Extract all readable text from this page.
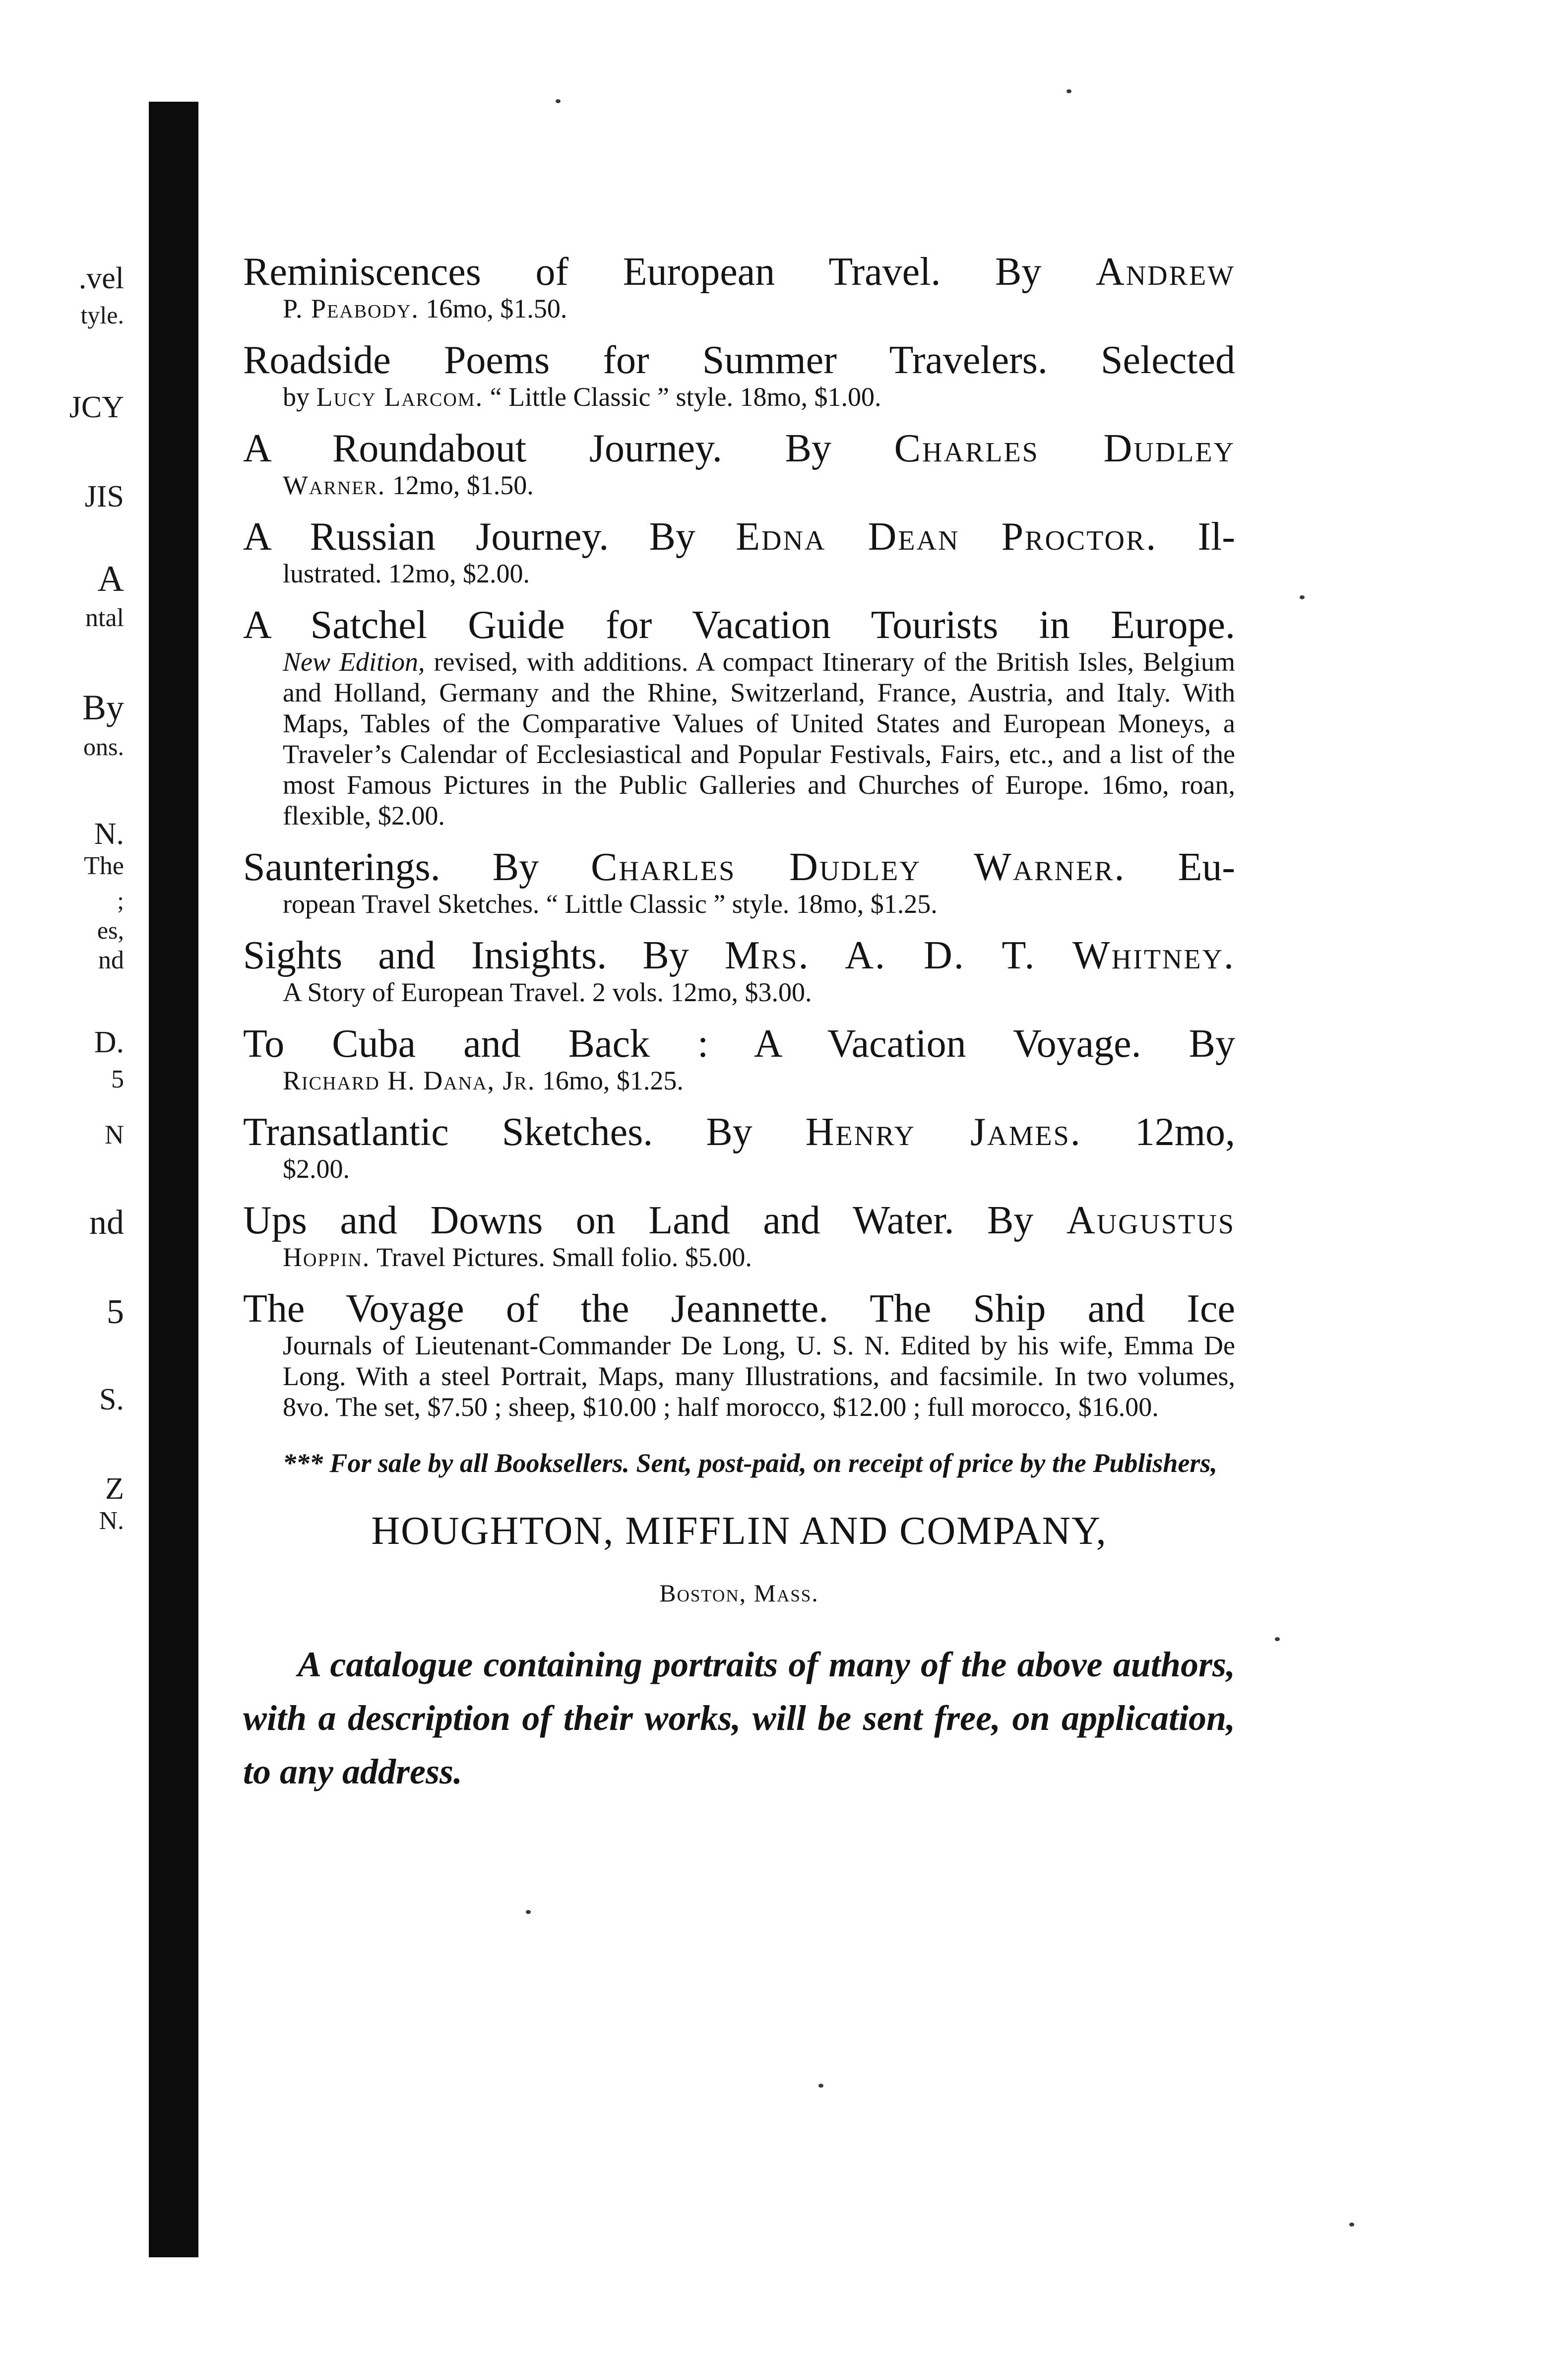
.vel
tyle.
JCY
JIS
A
ntal
By
ons.
N.
The
;
es,
nd
D.
5
N
nd
5
S.
Z
N.
Reminiscences of European Travel. By Andrew
P. Peabody. 16mo, $1.50.
Roadside Poems for Summer Travelers. Selected
by Lucy Larcom. “ Little Classic ” style. 18mo, $1.00.
A Roundabout Journey. By Charles Dudley
Warner. 12mo, $1.50.
A Russian Journey. By Edna Dean Proctor. Il-
lustrated. 12mo, $2.00.
A Satchel Guide for Vacation Tourists in Europe.
New Edition, revised, with additions. A compact Itinerary of the British Isles, Belgium and Holland, Germany and the Rhine, Switzerland, France, Austria, and Italy. With Maps, Tables of the Comparative Values of United States and European Moneys, a Traveler’s Calendar of Ecclesiastical and Popular Festivals, Fairs, etc., and a list of the most Famous Pictures in the Public Galleries and Churches of Europe. 16mo, roan, flexible, $2.00.
Saunterings. By Charles Dudley Warner. Eu-
ropean Travel Sketches. “ Little Classic ” style. 18mo, $1.25.
Sights and Insights. By Mrs. A. D. T. Whitney.
A Story of European Travel. 2 vols. 12mo, $3.00.
To Cuba and Back : A Vacation Voyage. By
Richard H. Dana, Jr. 16mo, $1.25.
Transatlantic Sketches. By Henry James. 12mo,
$2.00.
Ups and Downs on Land and Water. By Augustus
Hoppin. Travel Pictures. Small folio. $5.00.
The Voyage of the Jeannette. The Ship and Ice
Journals of Lieutenant-Commander De Long, U. S. N. Edited by his wife, Emma De Long. With a steel Portrait, Maps, many Illustrations, and facsimile. In two volumes, 8vo. The set, $7.50 ; sheep, $10.00 ; half morocco, $12.00 ; full morocco, $16.00.
*** For sale by all Booksellers. Sent, post-paid, on receipt of price by the Publishers,
HOUGHTON, MIFFLIN AND COMPANY,
Boston, Mass.
A catalogue containing portraits of many of the above authors, with a description of their works, will be sent free, on application, to any address.
